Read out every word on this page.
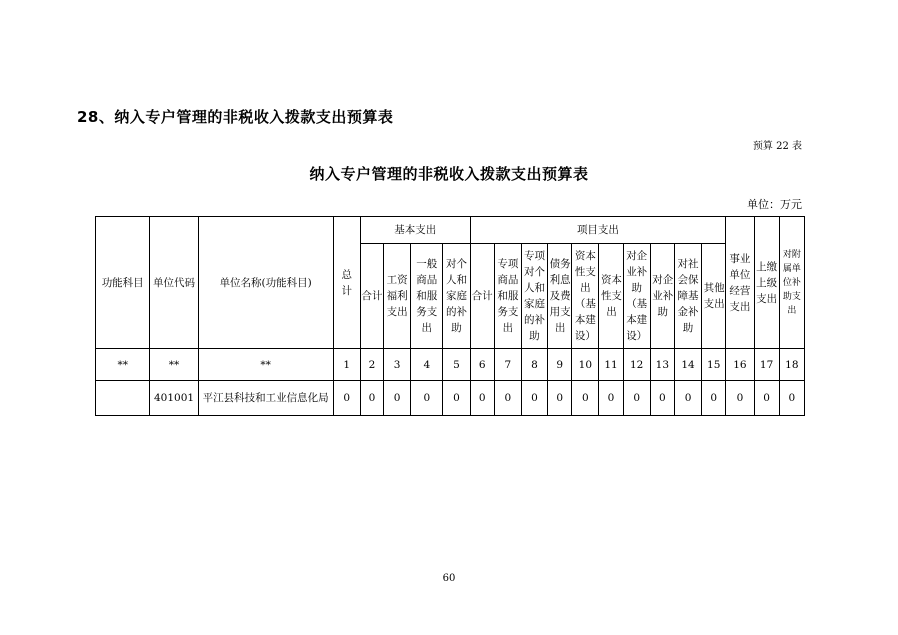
28、纳入专户管理的非税收入拨款支出预算表
预算 22 表
纳入专户管理的非税收入拨款支出预算表
单位：万元
功能科目	单位代码	单位名称(功能科目)	总计	基本支出				项目支出										事业单位经营支出	上缴上级支出	对附属单位补助支出
				合计	工资福利支出	一般商品和服务支出	对个人和家庭的补助	合计	专项商品和服务支出	专项对个人和家庭的补助	债务利息及费用支出	资本性支出（基本建设）	资本性支出	对企业补助（基本建设）	对企业补助	对社会保障基金补助	其他支出			
**	**	**	1	2	3	4	5	6	7	8	9	10	11	12	13	14	15	16	17	18
	401001	平江县科技和工业信息化局	0	0	0	0	0	0	0	0	0	0	0	0	0	0	0	0	0	0
60
